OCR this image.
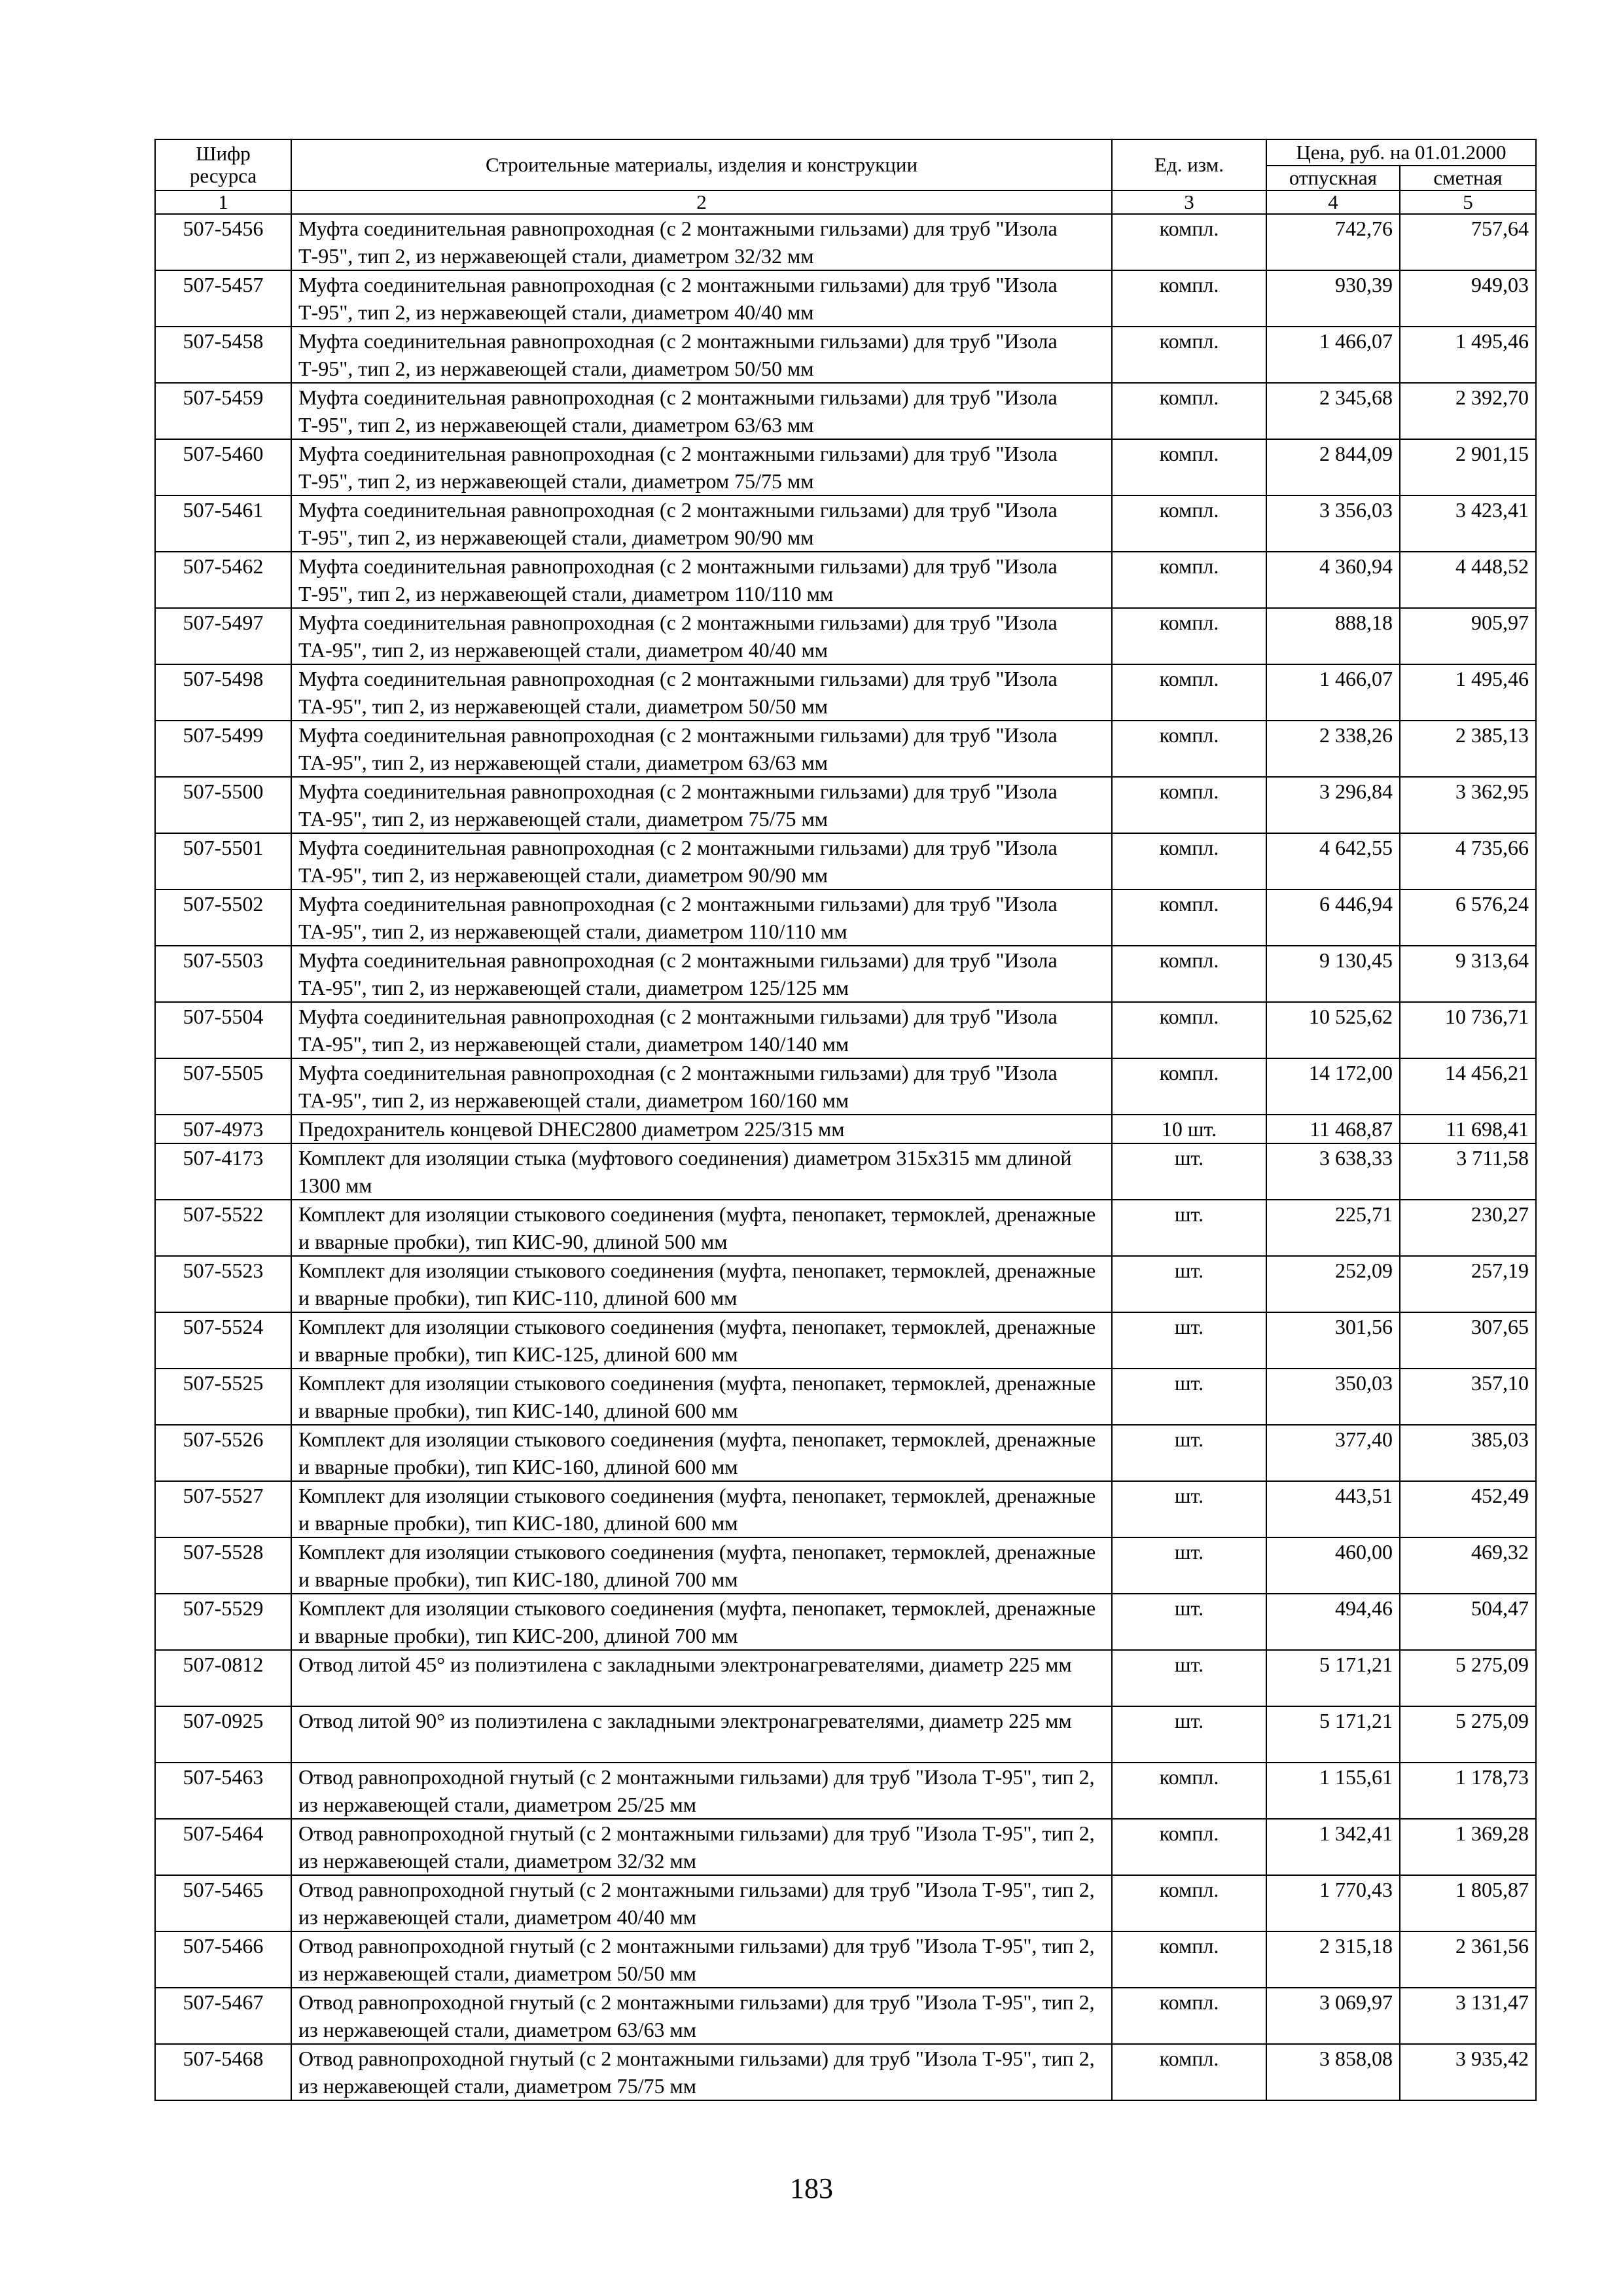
Шифр ресурса	Строительные материалы, изделия и конструкции	Ед. изм.	Цена, руб. на 01.01.2000	
			отпускная	сметная
1	2	3	4	5
507-5456	Муфта соединительная равнопроходная (с 2 монтажными гильзами) для труб "Изола Т-95", тип 2, из нержавеющей стали, диаметром 32/32 мм	компл.	742,76	757,64
507-5457	Муфта соединительная равнопроходная (с 2 монтажными гильзами) для труб "Изола Т-95", тип 2, из нержавеющей стали, диаметром 40/40 мм	компл.	930,39	949,03
507-5458	Муфта соединительная равнопроходная (с 2 монтажными гильзами) для труб "Изола Т-95", тип 2, из нержавеющей стали, диаметром 50/50 мм	компл.	1 466,07	1 495,46
507-5459	Муфта соединительная равнопроходная (с 2 монтажными гильзами) для труб "Изола Т-95", тип 2, из нержавеющей стали, диаметром 63/63 мм	компл.	2 345,68	2 392,70
507-5460	Муфта соединительная равнопроходная (с 2 монтажными гильзами) для труб "Изола Т-95", тип 2, из нержавеющей стали, диаметром 75/75 мм	компл.	2 844,09	2 901,15
507-5461	Муфта соединительная равнопроходная (с 2 монтажными гильзами) для труб "Изола Т-95", тип 2, из нержавеющей стали, диаметром 90/90 мм	компл.	3 356,03	3 423,41
507-5462	Муфта соединительная равнопроходная (с 2 монтажными гильзами) для труб "Изола Т-95", тип 2, из нержавеющей стали, диаметром 110/110 мм	компл.	4 360,94	4 448,52
507-5497	Муфта соединительная равнопроходная (с 2 монтажными гильзами) для труб "Изола ТА-95", тип 2, из нержавеющей стали, диаметром 40/40 мм	компл.	888,18	905,97
507-5498	Муфта соединительная равнопроходная (с 2 монтажными гильзами) для труб "Изола ТА-95", тип 2, из нержавеющей стали, диаметром 50/50 мм	компл.	1 466,07	1 495,46
507-5499	Муфта соединительная равнопроходная (с 2 монтажными гильзами) для труб "Изола ТА-95", тип 2, из нержавеющей стали, диаметром 63/63 мм	компл.	2 338,26	2 385,13
507-5500	Муфта соединительная равнопроходная (с 2 монтажными гильзами) для труб "Изола ТА-95", тип 2, из нержавеющей стали, диаметром 75/75 мм	компл.	3 296,84	3 362,95
507-5501	Муфта соединительная равнопроходная (с 2 монтажными гильзами) для труб "Изола ТА-95", тип 2, из нержавеющей стали, диаметром 90/90 мм	компл.	4 642,55	4 735,66
507-5502	Муфта соединительная равнопроходная (с 2 монтажными гильзами) для труб "Изола ТА-95", тип 2, из нержавеющей стали, диаметром 110/110 мм	компл.	6 446,94	6 576,24
507-5503	Муфта соединительная равнопроходная (с 2 монтажными гильзами) для труб "Изола ТА-95", тип 2, из нержавеющей стали, диаметром 125/125 мм	компл.	9 130,45	9 313,64
507-5504	Муфта соединительная равнопроходная (с 2 монтажными гильзами) для труб "Изола ТА-95", тип 2, из нержавеющей стали, диаметром 140/140 мм	компл.	10 525,62	10 736,71
507-5505	Муфта соединительная равнопроходная (с 2 монтажными гильзами) для труб "Изола ТА-95", тип 2, из нержавеющей стали, диаметром 160/160 мм	компл.	14 172,00	14 456,21
507-4973	Предохранитель концевой DHEC2800 диаметром 225/315 мм	10 шт.	11 468,87	11 698,41
507-4173	Комплект для изоляции стыка (муфтового соединения) диаметром 315х315 мм длиной 1300 мм	шт.	3 638,33	3 711,58
507-5522	Комплект для изоляции стыкового соединения (муфта, пенопакет, термоклей, дренажные и вварные пробки), тип КИС-90, длиной 500 мм	шт.	225,71	230,27
507-5523	Комплект для изоляции стыкового соединения (муфта, пенопакет, термоклей, дренажные и вварные пробки), тип КИС-110, длиной 600 мм	шт.	252,09	257,19
507-5524	Комплект для изоляции стыкового соединения (муфта, пенопакет, термоклей, дренажные и вварные пробки), тип КИС-125, длиной 600 мм	шт.	301,56	307,65
507-5525	Комплект для изоляции стыкового соединения (муфта, пенопакет, термоклей, дренажные и вварные пробки), тип КИС-140, длиной 600 мм	шт.	350,03	357,10
507-5526	Комплект для изоляции стыкового соединения (муфта, пенопакет, термоклей, дренажные и вварные пробки), тип КИС-160, длиной 600 мм	шт.	377,40	385,03
507-5527	Комплект для изоляции стыкового соединения (муфта, пенопакет, термоклей, дренажные и вварные пробки), тип КИС-180, длиной 600 мм	шт.	443,51	452,49
507-5528	Комплект для изоляции стыкового соединения (муфта, пенопакет, термоклей, дренажные и вварные пробки), тип КИС-180, длиной 700 мм	шт.	460,00	469,32
507-5529	Комплект для изоляции стыкового соединения (муфта, пенопакет, термоклей, дренажные и вварные пробки), тип КИС-200, длиной 700 мм	шт.	494,46	504,47
507-0812	Отвод литой 45° из полиэтилена с закладными электронагревателями, диаметр 225 мм	шт.	5 171,21	5 275,09
507-0925	Отвод литой 90° из полиэтилена с закладными электронагревателями, диаметр 225 мм	шт.	5 171,21	5 275,09
507-5463	Отвод равнопроходной гнутый (с 2 монтажными гильзами) для труб "Изола Т-95", тип 2, из нержавеющей стали, диаметром 25/25 мм	компл.	1 155,61	1 178,73
507-5464	Отвод равнопроходной гнутый (с 2 монтажными гильзами) для труб "Изола Т-95", тип 2, из нержавеющей стали, диаметром 32/32 мм	компл.	1 342,41	1 369,28
507-5465	Отвод равнопроходной гнутый (с 2 монтажными гильзами) для труб "Изола Т-95", тип 2, из нержавеющей стали, диаметром 40/40 мм	компл.	1 770,43	1 805,87
507-5466	Отвод равнопроходной гнутый (с 2 монтажными гильзами) для труб "Изола Т-95", тип 2, из нержавеющей стали, диаметром 50/50 мм	компл.	2 315,18	2 361,56
507-5467	Отвод равнопроходной гнутый (с 2 монтажными гильзами) для труб "Изола Т-95", тип 2, из нержавеющей стали, диаметром 63/63 мм	компл.	3 069,97	3 131,47
507-5468	Отвод равнопроходной гнутый (с 2 монтажными гильзами) для труб "Изола Т-95", тип 2, из нержавеющей стали, диаметром 75/75 мм	компл.	3 858,08	3 935,42
183
